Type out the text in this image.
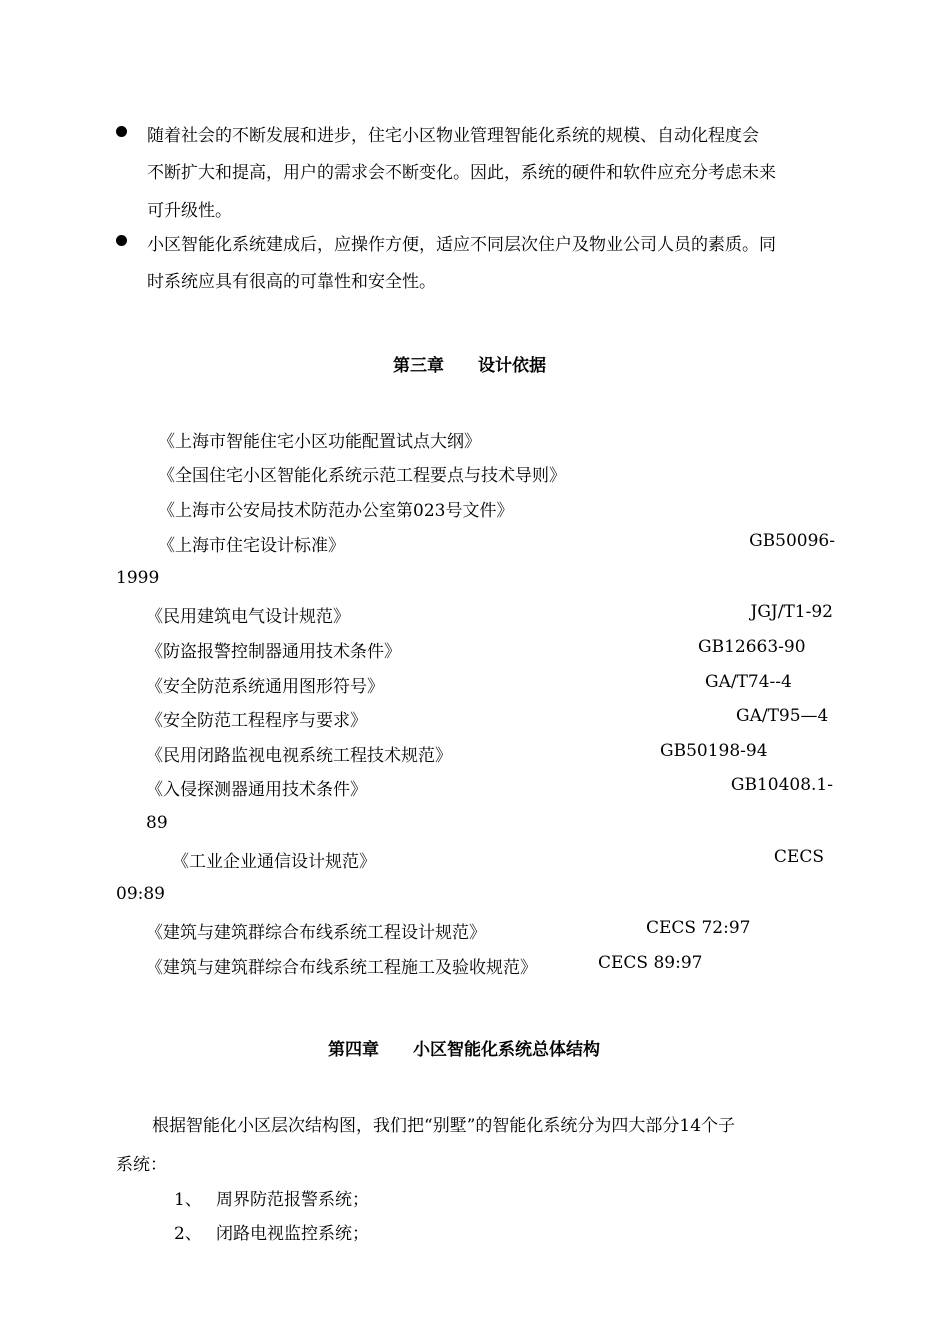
随着社会的不断发展和进步，住宅小区物业管理智能化系统的规模、自动化程度会
不断扩大和提高，用户的需求会不断变化。因此，系统的硬件和软件应充分考虑未来
可升级性。
小区智能化系统建成后，应操作方便，适应不同层次住户及物业公司人员的素质。同
时系统应具有很高的可靠性和安全性。
第三章　　设计依据
《上海市智能住宅小区功能配置试点大纲》
《全国住宅小区智能化系统示范工程要点与技术导则》
《上海市公安局技术防范办公室第023号文件》
《上海市住宅设计标准》	GB50096-
1999
《民用建筑电气设计规范》	JGJ/T1-92
《防盗报警控制器通用技术条件》	GB12663-90
《安全防范系统通用图形符号》	GA/T74--4
《安全防范工程程序与要求》	GA/T95—4
《民用闭路监视电视系统工程技术规范》	GB50198-94
《入侵探测器通用技术条件》	GB10408.1-
89
《工业企业通信设计规范》	CECS
09:89
《建筑与建筑群综合布线系统工程设计规范》	CECS 72:97
《建筑与建筑群综合布线系统工程施工及验收规范》	CECS 89:97
第四章　　小区智能化系统总体结构
根据智能化小区层次结构图，我们把“别墅”的智能化系统分为四大部分14个子
系统：
1、 周界防范报警系统；
2、 闭路电视监控系统；
